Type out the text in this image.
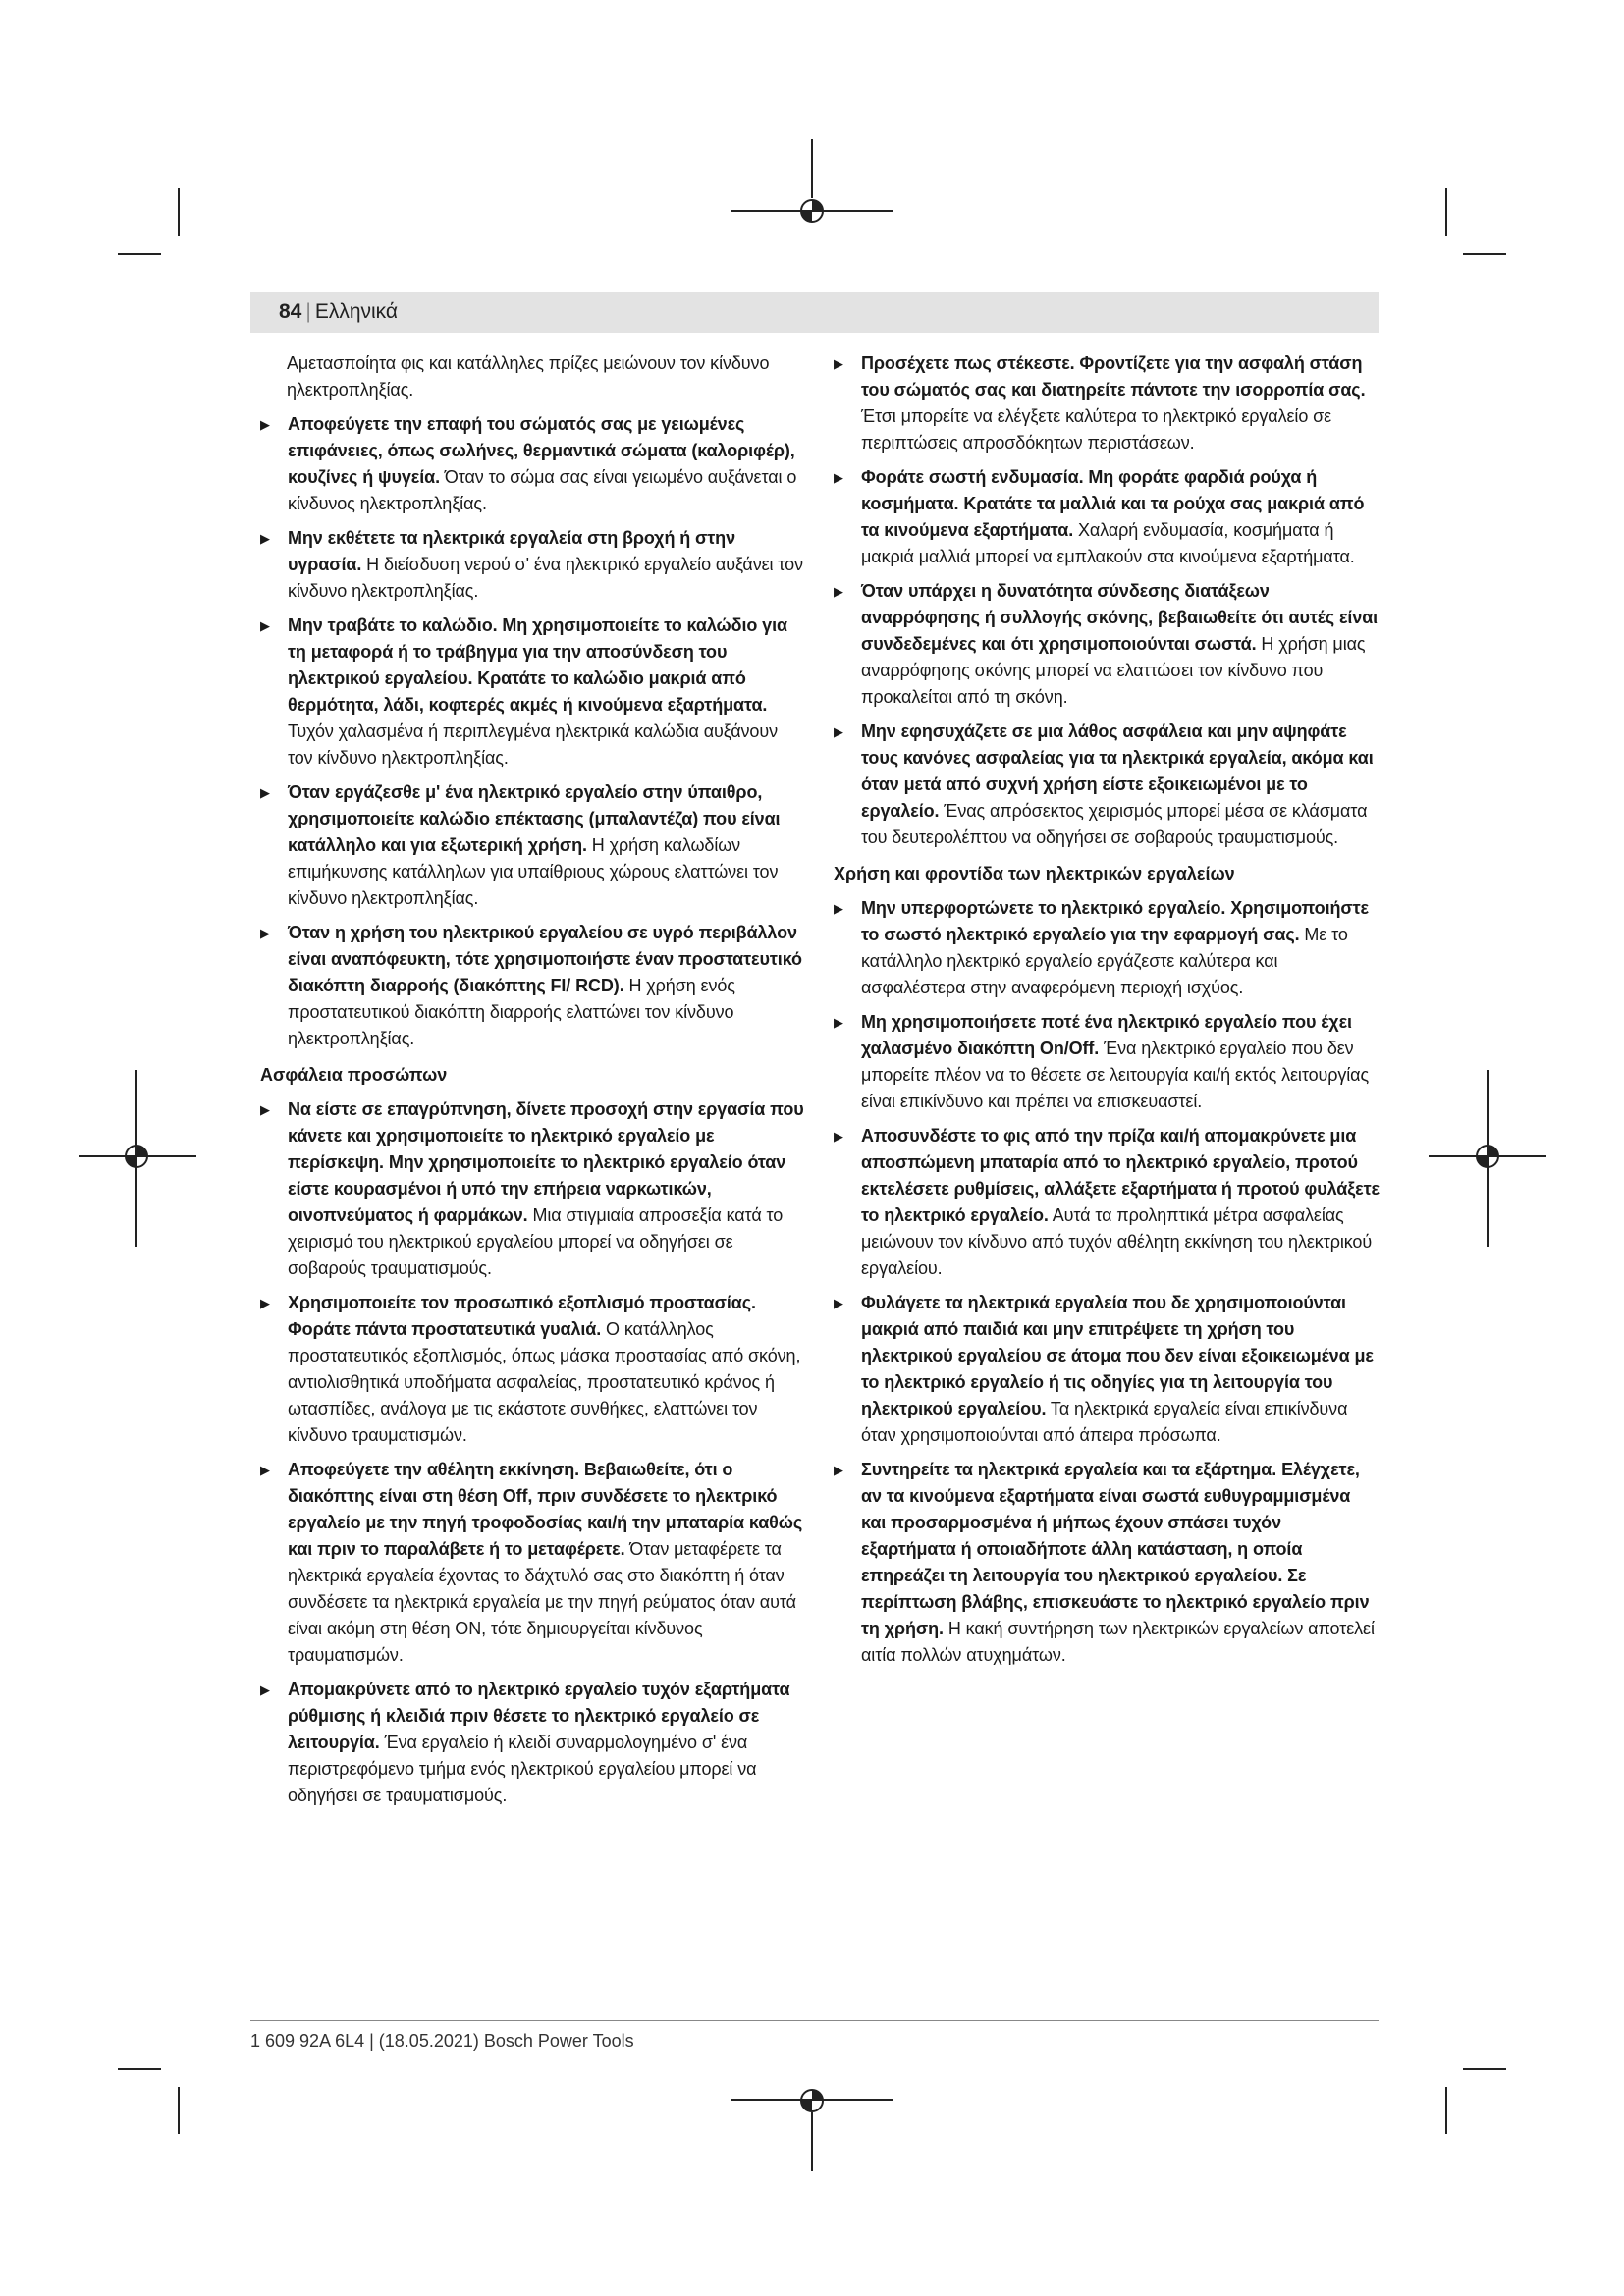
84 | Ελληνικά

Αμετασποίητα φις και κατάλληλες πρίζες μειώνουν τον κίνδυνο ηλεκτροπληξίας.

▶	Αποφεύγετε την επαφή του σώματός σας με γειωμένες επιφάνειες, όπως σωλήνες, θερμαντικά σώματα (καλοριφέρ), κουζίνες ή ψυγεία. Όταν το σώμα σας είναι γειωμένο αυξάνεται ο κίνδυνος ηλεκτροπληξίας.
▶	Μην εκθέτετε τα ηλεκτρικά εργαλεία στη βροχή ή στην υγρασία. Η διείσδυση νερού σ' ένα ηλεκτρικό εργαλείο αυξάνει τον κίνδυνο ηλεκτροπληξίας.
▶	Μην τραβάτε το καλώδιο. Μη χρησιμοποιείτε το καλώδιο για τη μεταφορά ή το τράβηγμα για την αποσύνδεση του ηλεκτρικού εργαλείου. Κρατάτε το καλώδιο μακριά από θερμότητα, λάδι, κοφτερές ακμές ή κινούμενα εξαρτήματα. Τυχόν χαλασμένα ή περιπλεγμένα ηλεκτρικά καλώδια αυξάνουν τον κίνδυνο ηλεκτροπληξίας.
▶	Όταν εργάζεσθε μ' ένα ηλεκτρικό εργαλείο στην ύπαιθρο, χρησιμοποιείτε καλώδιο επέκτασης (μπαλαντέζα) που είναι κατάλληλο και για εξωτερική χρήση. Η χρήση καλωδίων επιμήκυνσης κατάλληλων για υπαίθριους χώρους ελαττώνει τον κίνδυνο ηλεκτροπληξίας.
▶	Όταν η χρήση του ηλεκτρικού εργαλείου σε υγρό περιβάλλον είναι αναπόφευκτη, τότε χρησιμοποιήστε έναν προστατευτικό διακόπτη διαρροής (διακόπτης FI/ RCD). Η χρήση ενός προστατευτικού διακόπτη διαρροής ελαττώνει τον κίνδυνο ηλεκτροπληξίας.
Ασφάλεια προσώπων
▶	Να είστε σε επαγρύπνηση, δίνετε προσοχή στην εργασία που κάνετε και χρησιμοποιείτε το ηλεκτρικό εργαλείο με περίσκεψη. Μην χρησιμοποιείτε το ηλεκτρικό εργαλείο όταν είστε κουρασμένοι ή υπό την επήρεια ναρκωτικών, οινοπνεύματος ή φαρμάκων. Μια στιγμιαία απροσεξία κατά το χειρισμό του ηλεκτρικού εργαλείου μπορεί να οδηγήσει σε σοβαρούς τραυματισμούς.
▶	Χρησιμοποιείτε τον προσωπικό εξοπλισμό προστασίας. Φοράτε πάντα προστατευτικά γυαλιά. Ο κατάλληλος προστατευτικός εξοπλισμός, όπως μάσκα προστασίας από σκόνη, αντιολισθητικά υποδήματα ασφαλείας, προστατευτικό κράνος ή ωτασπίδες, ανάλογα με τις εκάστοτε συνθήκες, ελαττώνει τον κίνδυνο τραυματισμών.
▶	Αποφεύγετε την αθέλητη εκκίνηση. Βεβαιωθείτε, ότι ο διακόπτης είναι στη θέση Off, πριν συνδέσετε το ηλεκτρικό εργαλείο με την πηγή τροφοδοσίας και/ή την μπαταρία καθώς και πριν το παραλάβετε ή το μεταφέρετε. Όταν μεταφέρετε τα ηλεκτρικά εργαλεία έχοντας το δάχτυλό σας στο διακόπτη ή όταν συνδέσετε τα ηλεκτρικά εργαλεία με την πηγή ρεύματος όταν αυτά είναι ακόμη στη θέση ON, τότε δημιουργείται κίνδυνος τραυματισμών.
▶	Απομακρύνετε από το ηλεκτρικό εργαλείο τυχόν εξαρτήματα ρύθμισης ή κλειδιά πριν θέσετε το ηλεκτρικό εργαλείο σε λειτουργία. Ένα εργαλείο ή κλειδί συναρμολογημένο σ' ένα περιστρεφόμενο τμήμα ενός ηλεκτρικού εργαλείου μπορεί να οδηγήσει σε τραυματισμούς.
▶	Προσέχετε πως στέκεστε. Φροντίζετε για την ασφαλή στάση του σώματός σας και διατηρείτε πάντοτε την ισορροπία σας. Έτσι μπορείτε να ελέγξετε καλύτερα το ηλεκτρικό εργαλείο σε περιπτώσεις απροσδόκητων περιστάσεων.
▶	Φοράτε σωστή ενδυμασία. Μη φοράτε φαρδιά ρούχα ή κοσμήματα. Κρατάτε τα μαλλιά και τα ρούχα σας μακριά από τα κινούμενα εξαρτήματα. Χαλαρή ενδυμασία, κοσμήματα ή μακριά μαλλιά μπορεί να εμπλακούν στα κινούμενα εξαρτήματα.
▶	Όταν υπάρχει η δυνατότητα σύνδεσης διατάξεων αναρρόφησης ή συλλογής σκόνης, βεβαιωθείτε ότι αυτές είναι συνδεδεμένες και ότι χρησιμοποιούνται σωστά. Η χρήση μιας αναρρόφησης σκόνης μπορεί να ελαττώσει τον κίνδυνο που προκαλείται από τη σκόνη.
▶	Μην εφησυχάζετε σε μια λάθος ασφάλεια και μην αψηφάτε τους κανόνες ασφαλείας για τα ηλεκτρικά εργαλεία, ακόμα και όταν μετά από συχνή χρήση είστε εξοικειωμένοι με το εργαλείο. Ένας απρόσεκτος χειρισμός μπορεί μέσα σε κλάσματα του δευτερολέπτου να οδηγήσει σε σοβαρούς τραυματισμούς.
Χρήση και φροντίδα των ηλεκτρικών εργαλείων
▶	Μην υπερφορτώνετε το ηλεκτρικό εργαλείο. Χρησιμοποιήστε το σωστό ηλεκτρικό εργαλείο για την εφαρμογή σας. Με το κατάλληλο ηλεκτρικό εργαλείο εργάζεστε καλύτερα και ασφαλέστερα στην αναφερόμενη περιοχή ισχύος.
▶	Μη χρησιμοποιήσετε ποτέ ένα ηλεκτρικό εργαλείο που έχει χαλασμένο διακόπτη On/Off. Ένα ηλεκτρικό εργαλείο που δεν μπορείτε πλέον να το θέσετε σε λειτουργία και/ή εκτός λειτουργίας είναι επικίνδυνο και πρέπει να επισκευαστεί.
▶	Αποσυνδέστε το φις από την πρίζα και/ή απομακρύνετε μια αποσπώμενη μπαταρία από το ηλεκτρικό εργαλείο, προτού εκτελέσετε ρυθμίσεις, αλλάξετε εξαρτήματα ή προτού φυλάξετε το ηλεκτρικό εργαλείο. Αυτά τα προληπτικά μέτρα ασφαλείας μειώνουν τον κίνδυνο από τυχόν αθέλητη εκκίνηση του ηλεκτρικού εργαλείου.
▶	Φυλάγετε τα ηλεκτρικά εργαλεία που δε χρησιμοποιούνται μακριά από παιδιά και μην επιτρέψετε τη χρήση του ηλεκτρικού εργαλείου σε άτομα που δεν είναι εξοικειωμένα με το ηλεκτρικό εργαλείο ή τις οδηγίες για τη λειτουργία του ηλεκτρικού εργαλείου. Τα ηλεκτρικά εργαλεία είναι επικίνδυνα όταν χρησιμοποιούνται από άπειρα πρόσωπα.
▶	Συντηρείτε τα ηλεκτρικά εργαλεία και τα εξάρτημα. Ελέγχετε, αν τα κινούμενα εξαρτήματα είναι σωστά ευθυγραμμισμένα και προσαρμοσμένα ή μήπως έχουν σπάσει τυχόν εξαρτήματα ή οποιαδήποτε άλλη κατάσταση, η οποία επηρεάζει τη λειτουργία του ηλεκτρικού εργαλείου. Σε περίπτωση βλάβης, επισκευάστε το ηλεκτρικό εργαλείο πριν τη χρήση. Η κακή συντήρηση των ηλεκτρικών εργαλείων αποτελεί αιτία πολλών ατυχημάτων.
1 609 92A 6L4 | (18.05.2021) Bosch Power Tools
